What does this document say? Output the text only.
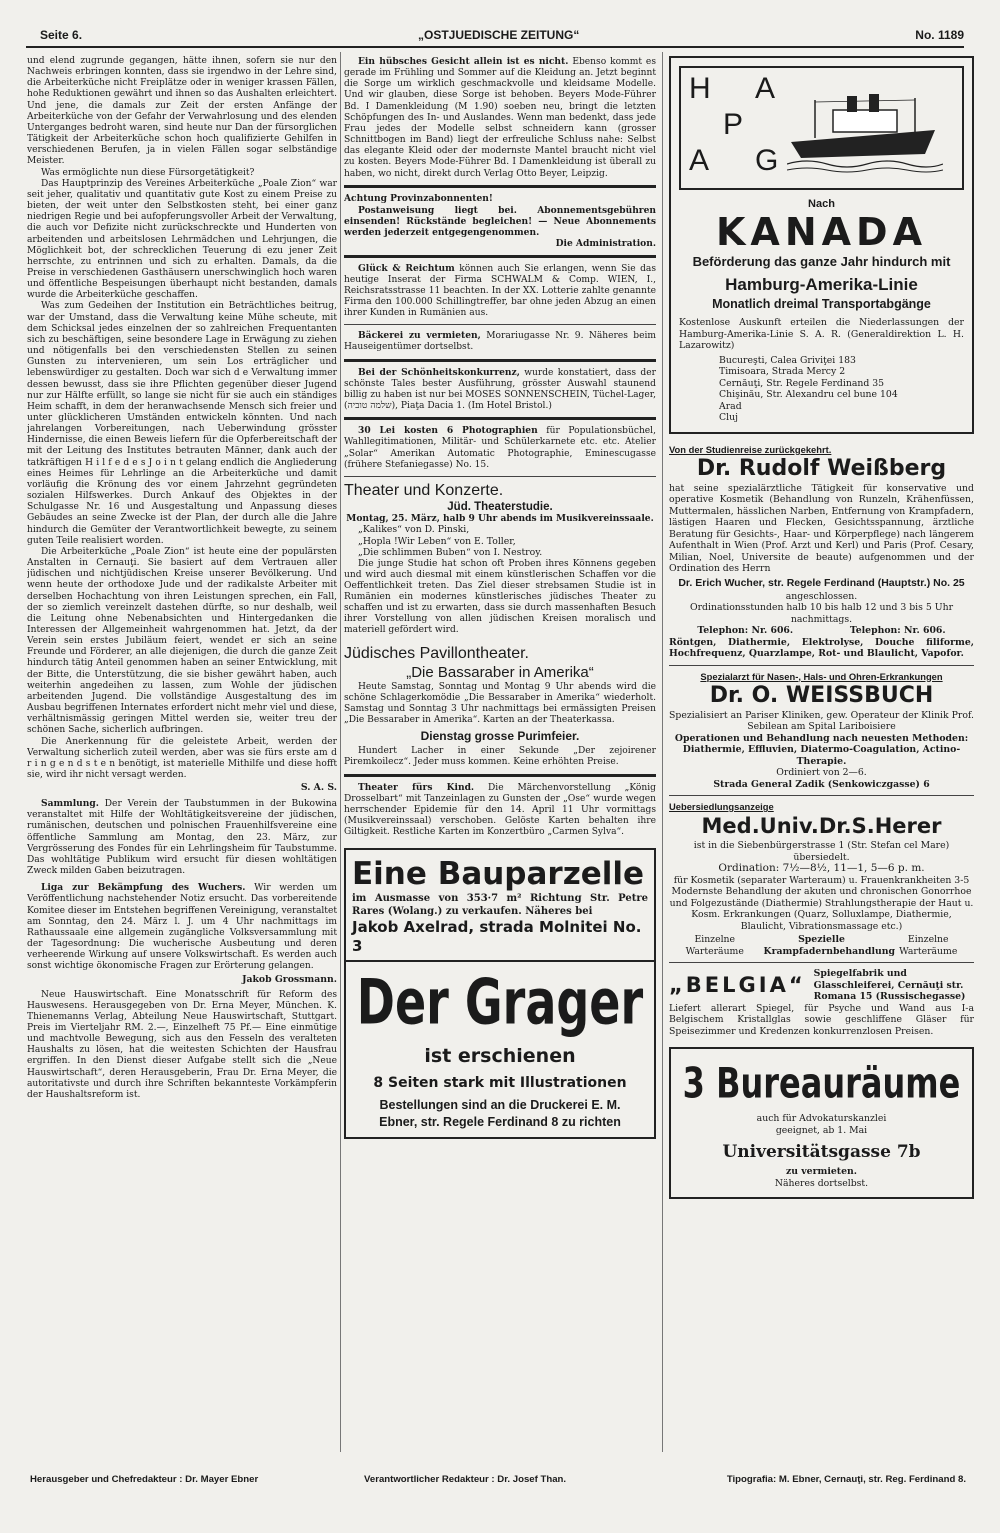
Seite 6.	„OSTJUEDISCHE ZEITUNG“	No. 1189

und elend zugrunde gegangen, hätte ihnen, sofern sie nur den Nachweis erbringen konnten, dass sie irgendwo in der Lehre sind, die Arbeiterküche nicht Freiplätze oder in weniger krassen Fällen, hohe Reduktionen gewährt und ihnen so das Aushalten erleichtert. Und jene, die damals zur Zeit der ersten Anfänge der Arbeiterküche von der Gefahr der Verwahrlosung und des elenden Unterganges bedroht waren, sind heute nur Dan der fürsorglichen Tätigkeit der Arbeiterküche schon hoch qualifizierte Gehilfen in verschiedenen Berufen, ja in vielen Fällen sogar selbständige Meister.

Was ermöglichte nun diese Fürsorgetätigkeit?

Das Hauptprinzip des Vereines Arbeiterküche „Poale Zion“ war seit jeher, qualitativ und quantitativ gute Kost zu einem Preise zu bieten, der weit unter den Selbstkosten steht, bei einer ganz niedrigen Regie und bei aufopferungsvoller Arbeit der Verwaltung, die auch vor Defizite nicht zurückschreckte und Hunderten von arbeitenden und arbeitslosen Lehrmädchen und Lehrjungen, die Möglichkeit bot, der schrecklichen Teuerung di ezu jener Zeit herrschte, zu entrinnen und sich zu erhalten. Damals, da die Preise in verschiedenen Gasthäusern unerschwinglich hoch waren und öffentliche Bespeisungen überhaupt nicht bestanden, damals wurde die Arbeiterküche geschaffen.

Was zum Gedeihen der Institution ein Beträchtliches beitrug, war der Umstand, dass die Verwaltung keine Mühe scheute, mit dem Schicksal jedes einzelnen der so zahlreichen Frequentanten sich zu beschäftigen, seine besondere Lage in Erwägung zu ziehen und nötigenfalls bei den verschiedensten Stellen zu seinen Gunsten zu intervenieren, um sein Los erträglicher und lebenswürdiger zu gestalten. Doch war sich d e Verwaltung immer dessen bewusst, dass sie ihre Pflichten gegenüber dieser Jugend nur zur Hälfte erfüllt, so lange sie nicht für sie auch ein ständiges Heim schafft, in dem der heranwachsende Mensch sich freier und unter glücklicheren Umständen entwickeln könnten. Und nach jahrelangen Vorbereitungen, nach Ueberwindung grösster Hindernisse, die einen Beweis liefern für die Opferbereitschaft der mit der Leitung des Institutes betrauten Männer, dank auch der tatkräftigen H i l f e d e s J o i n t gelang endlich die Angliederung eines Heimes für Lehrlinge an die Arbeiterküche und damit vorläufig die Krönung des vor einem Jahrzehnt gegründeten sozialen Hilfswerkes. Durch Ankauf des Objektes in der Schulgasse Nr. 16 und Ausgestaltung und Anpassung dieses Gebäudes an seine Zwecke ist der Plan, der durch alle die Jahre hindurch die Gemüter der Verantwortlichkeit bewegte, zu seinem guten Teile realisiert worden.

Die Arbeiterküche „Poale Zion“ ist heute eine der populärsten Anstalten in Cernauţi. Sie basiert auf dem Vertrauen aller jüdischen und nichtjüdischen Kreise unserer Bevölkerung. Und wenn heute der orthodoxe Jude und der radikalste Arbeiter mit derselben Hochachtung von ihren Leistungen sprechen, ein Fall, der so ziemlich vereinzelt dastehen dürfte, so nur deshalb, weil die Leitung ohne Nebenabsichten und Hintergedanken die Interessen der Allgemeinheit wahrgenommen hat. Jetzt, da der Verein sein erstes Jubiläum feiert, wendet er sich an seine Freunde und Förderer, an alle diejenigen, die durch die ganze Zeit hindurch tätig Anteil genommen haben an seiner Entwicklung, mit der Bitte, die Unterstützung, die sie bisher gewährt haben, auch weiterhin angedeihen zu lassen, zum Wohle der jüdischen arbeitenden Jugend. Die vollständige Ausgestaltung des im Ausbau begriffenen Internates erfordert nicht mehr viel und diese, verhältnismässig geringen Mittel werden sie, weiter treu der schönen Sache, sicherlich aufbringen.

Die Anerkennung für die geleistete Arbeit, werden der Verwaltung sicherlich zuteil werden, aber was sie fürs erste am d r i n g e n d s t e n benötigt, ist materielle Mithilfe und diese hofft sie, wird ihr nicht versagt werden.

S. A. S.

Sammlung. Der Verein der Taubstummen in der Bukowina veranstaltet mit Hilfe der Wohltätigkeitsvereine der jüdischen, rumänischen, deutschen und polnischen Frauenhilfsvereine eine öffentliche Sammlung am Montag, den 23. März, zur Vergrösserung des Fondes für ein Lehrlingsheim für Taubstumme. Das wohltätige Publikum wird ersucht für diesen wohltätigen Zweck milden Gaben beizutragen.

Liga zur Bekämpfung des Wuchers. Wir werden um Veröffentlichung nachstehender Notiz ersucht. Das vorbereitende Komitee dieser im Entstehen begriffenen Vereinigung, veranstaltet am Sonntag, den 24. März l. J. um 4 Uhr nachmittags im Rathaussaale eine allgemein zugängliche Volksversammlung mit der Tagesordnung: Die wucherische Ausbeutung und deren verheerende Wirkung auf unsere Volkswirtschaft. Es werden auch sonst wichtige ökonomische Fragen zur Erörterung gelangen.

Jakob Grossmann.

Neue Hauswirtschaft. Eine Monatsschrift für Reform des Hauswesens. Herausgegeben von Dr. Erna Meyer, München. K. Thienemanns Verlag, Abteilung Neue Hauswirtschaft, Stuttgart. Preis im Vierteljahr RM. 2.—, Einzelheft 75 Pf.— Eine einmütige und machtvolle Bewegung, sich aus den Fesseln des veralteten Haushalts zu lösen, hat die weitesten Schichten der Hausfrau ergriffen. In den Dienst dieser Aufgabe stellt sich die „Neue Hauswirtschaft“, deren Herausgeberin, Frau Dr. Erna Meyer, die autoritativste und durch ihre Schriften bekannteste Vorkämpferin der Haushaltsreform ist.

Ein hübsches Gesicht allein ist es nicht. Ebenso kommt es gerade im Frühling und Sommer auf die Kleidung an. Jetzt beginnt die Sorge um wirklich geschmackvolle und kleidsame Modelle. Und wir glauben, diese Sorge ist behoben. Beyers Mode-Führer Bd. I Damenkleidung (M 1.90) soeben neu, bringt die letzten Schöpfungen des In- und Auslandes. Wenn man bedenkt, dass jede Frau jedes der Modelle selbst schneidern kann (grosser Schnittbogen im Band) liegt der erfreuliche Schluss nahe: Selbst das elegante Kleid oder der modernste Mantel braucht nicht viel zu kosten. Beyers Mode-Führer Bd. I Damenkleidung ist überall zu haben, wo nicht, direkt durch Verlag Otto Beyer, Leipzig.

Achtung Provinzabonnenten!

Postanweisung liegt bei. Abonnementsgebühren einsenden! Rückstände begleichen! — Neue Abonnements werden jederzeit entgegengenommen.

Die Administration.

Glück & Reichtum können auch Sie erlangen, wenn Sie das heutige Inserat der Firma SCHWALM & Comp. WIEN, I., Reichsratsstrasse 11 beachten. In der XX. Lotterie zahlte genannte Firma den 100.000 Schillingtreffer, bar ohne jeden Abzug an einen ihrer Kunden in Rumänien aus.

Bäckerei zu vermieten, Morariugasse Nr. 9. Näheres beim Hauseigentümer dortselbst.

Bei der Schönheitskonkurrenz, wurde konstatiert, dass der schönste Tales bester Ausführung, grösster Auswahl staunend billig zu haben ist nur bei MOSES SONNENSCHEIN, Tüchel-Lager, (שלמה טוביה), Piaţa Dacia 1. (Im Hotel Bristol.)

30 Lei kosten 6 Photographien für Populationsbüchel, Wahllegitimationen, Militär- und Schülerkarnete etc. etc. Atelier „Solar“ Amerikan Automatic Photographie, Eminescugasse (frühere Stefaniegasse) No. 15.

Theater und Konzerte.
Jüd. Theaterstudie.

Montag, 25. März, halb 9 Uhr abends im Musikvereinssaale.

„Kalikes“ von D. Pinski,
„Hopla !Wir Leben“ von E. Toller,
„Die schlimmen Buben“ von I. Nestroy.

Die junge Studie hat schon oft Proben ihres Könnens gegeben und wird auch diesmal mit einem künstlerischen Schaffen vor die Oeffentlichkeit treten. Das Ziel dieser strebsamen Studie ist in Rumänien ein modernes künstlerisches jüdisches Theater zu schaffen und ist zu erwarten, dass sie durch massenhaften Besuch ihrer Vorstellung von allen jüdischen Kreisen moralisch und materiell gefördert wird.

Jüdisches Pavillontheater.
„Die Bassaraber in Amerika“

Heute Samstag, Sonntag und Montag 9 Uhr abends wird die schöne Schlagerkomödie „Die Bessaraber in Amerika“ wiederholt. Samstag und Sonntag 3 Uhr nachmittags bei ermässigten Preisen „Die Bessaraber in Amerika“. Karten an der Theaterkassa.

Dienstag grosse Purimfeier.

Hundert Lacher in einer Sekunde „Der zejoirener Piremkoilecz“. Jeder muss kommen. Keine erhöhten Preise.

Theater fürs Kind. Die Märchenvorstellung „König Drosselbart“ mit Tanzeinlagen zu Gunsten der „Ose“ wurde wegen herrschender Epidemie für den 14. April 11 Uhr vormittags (Musikvereinssaal) verschoben. Gelöste Karten behalten ihre Giltigkeit. Restliche Karten im Konzertbüro „Carmen Sylva“.

Eine Bauparzelle

im Ausmasse von 353·7 m² Richtung Str. Petre Rares (Wolang.) zu verkaufen. Näheres bei

Jakob Axelrad, strada Molnitei No. 3
Der Grager
ist erschienen
8 Seiten stark mit Illustrationen
Bestellungen sind an die Druckerei E. M.
Ebner, str. Regele Ferdinand 8 zu richten
H A
P
A G
Nach
KANADA
Beförderung das ganze Jahr hindurch mit
Hamburg-Amerika-Linie
Monatlich dreimal Transportabgänge

Kostenlose Auskunft erteilen die Niederlassungen der Hamburg-Amerika-Linie S. A. R. (Generaldirektion L. H. Lazarowitz)

Bucureşti, Calea Griviţei 183
Timisoara, Strada Mercy 2
Cernăuţi, Str. Regele Ferdinand 35
Chişinău, Str. Alexandru cel bune 104
Arad
Cluj
Von der Studienreise zurückgekehrt.
Dr. Rudolf Weißberg

hat seine spezialärztliche Tätigkeit für konservative und operative Kosmetik (Behandlung von Runzeln, Krähenfüssen, Muttermalen, hässlichen Narben, Entfernung von Krampfadern, lästigen Haaren und Flecken, Gesichtsspannung, ärztliche Beratung für Gesichts-, Haar- und Körperpflege) nach längerem Aufenthalt in Wien (Prof. Arzt und Kerl) und Paris (Prof. Cesary, Milian, Noel, Universite de beaute) aufgenommen und der Ordination des Herrn

Dr. Erich Wucher, str. Regele Ferdinand (Hauptstr.) No. 25
angeschlossen.

Ordinationsstunden halb 10 bis halb 12 und 3 bis 5 Uhr nachmittags.

Telephon: Nr. 606.	Telephon: Nr. 606.

Röntgen, Diathermie, Elektrolyse, Douche filiforme, Hochfrequenz, Quarzlampe, Rot- und Blaulicht, Vapofor.

Spezialarzt für Nasen-, Hals- und Ohren-Erkrankungen
Dr. O. WEISSBUCH

Spezialisiert an Pariser Kliniken, gew. Operateur der Klinik Prof. Sebilean am Spital Lariboisiere

Operationen und Behandlung nach neuesten Methoden: Diathermie, Effluvien, Diatermo-Coagulation, Actino-Therapie.

Ordiniert von 2—6.
Strada General Zadik (Senkowiczgasse) 6
Uebersiedlungsanzeige
Med.Univ.Dr.S.Herer

ist in die Siebenbürgerstrasse 1 (Str. Stefan cel Mare) übersiedelt.

Ordination: 7½—8½, 11—1, 5—6 p. m.

für Kosmetik (separater Warteraum) u. Frauenkrankheiten 3-5 Modernste Behandlung der akuten und chronischen Gonorrhoe und Folgezustände (Diathermie) Strahlungstherapie der Haut u. Kosm. Erkrankungen (Quarz, Solluxlampe, Diathermie, Blaulicht, Vibrationsmassage etc.)

Einzelne Warteräume
Spezielle Krampfadernbehandlung
Einzelne Warteräume
„BELGIA“ Spiegelfabrik und Glasschleiferei, Cernăuţi str. Romana 15 (Russischegasse)

Liefert allerart Spiegel, für Psyche und Wand aus I-a Belgischem Kristallglas sowie geschliffene Gläser für Speisezimmer und Kredenzen konkurrenzlosen Preisen.

3 Bureauräume

auch für Advokaturskanzlei geeignet, ab 1. Mai

Universitätsgasse 7b
zu vermieten.
Näheres dortselbst.
Herausgeber und Chefredakteur : Dr. Mayer Ebner	Verantwortlicher Redakteur : Dr. Josef Than.	Tipografia: M. Ebner, Cernauţi, str. Reg. Ferdinand 8.
